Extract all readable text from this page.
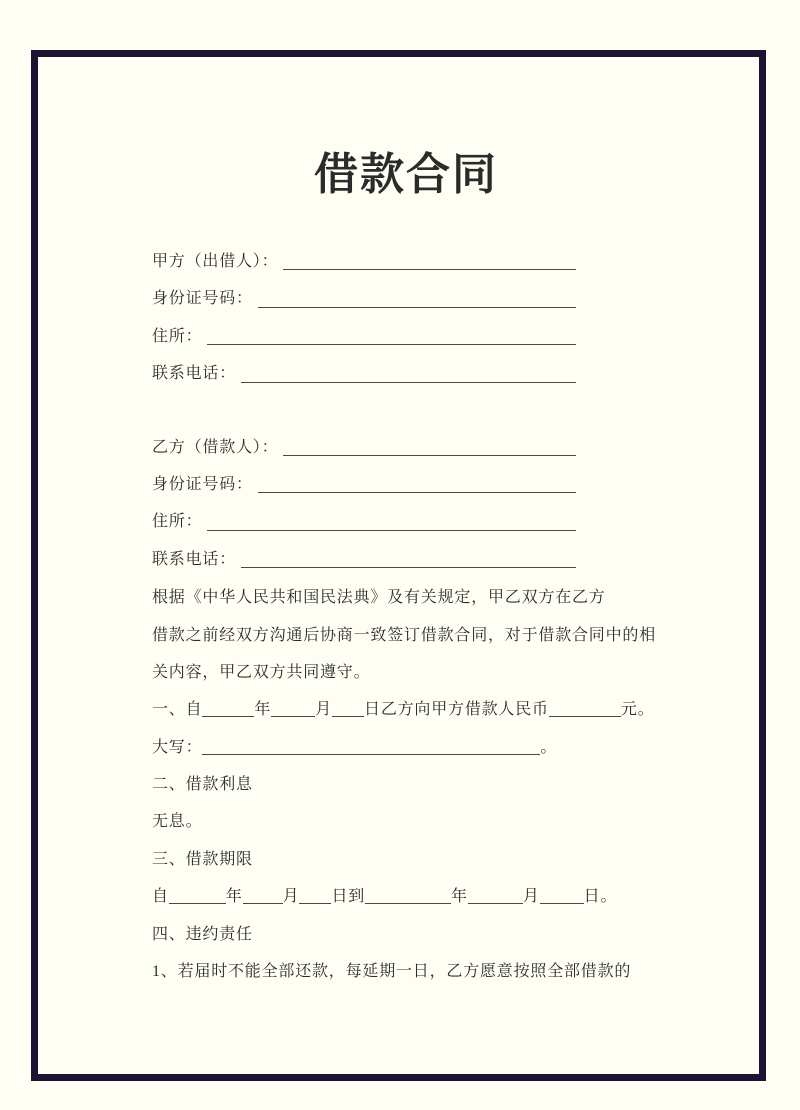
借款合同
甲方（出借人）：
身份证号码：
住所：
联系电话：
乙方（借款人）：
身份证号码：
住所：
联系电话：
根据《中华人民共和国民法典》及有关规定，甲乙双方在乙方
借款之前经双方沟通后协商一致签订借款合同，对于借款合同中的相
关内容，甲乙双方共同遵守。
一、自	年	月 日乙方向甲方借款人民币	元。
大写：	。
二、借款利息
无息。
三、借款期限
自	年	月 日到	年	月	日。
四、违约责任
1、若届时不能全部还款，每延期一日，乙方愿意按照全部借款的
